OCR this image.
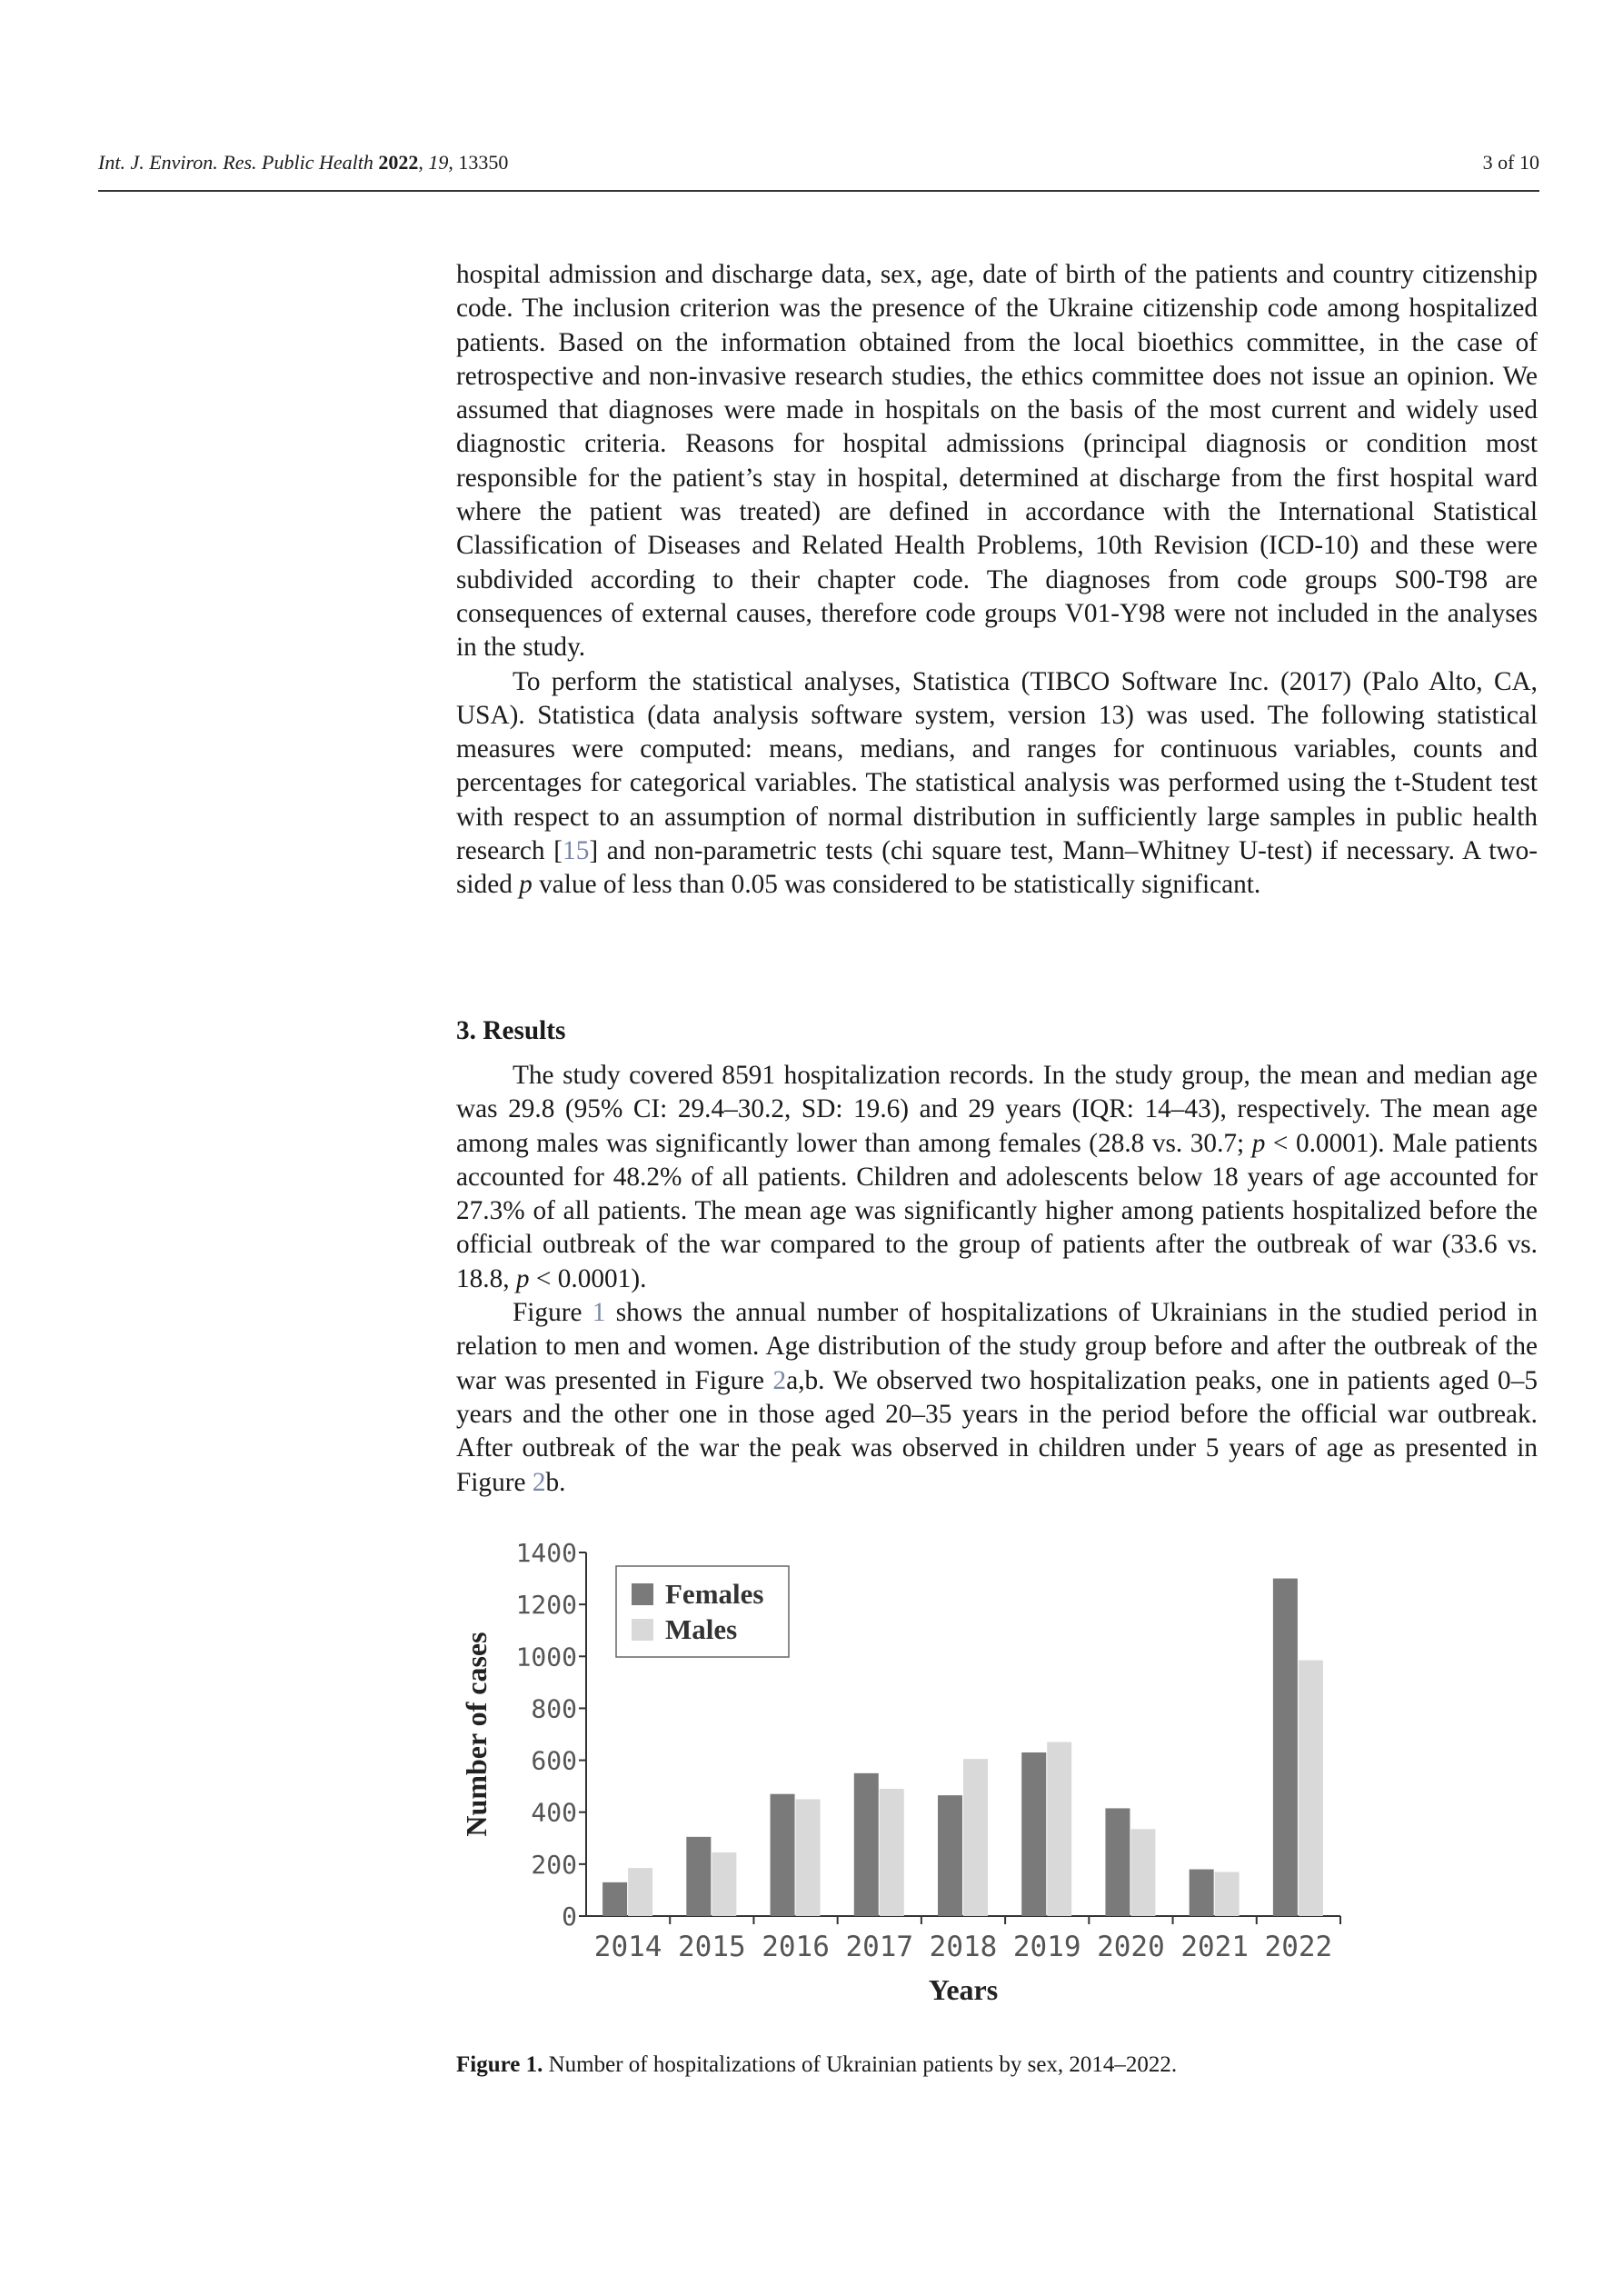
Int. J. Environ. Res. Public Health 2022, 19, 13350	3 of 10

hospital admission and discharge data, sex, age, date of birth of the patients and country citizenship code. The inclusion criterion was the presence of the Ukraine citizenship code among hospitalized patients. Based on the information obtained from the local bioethics committee, in the case of retrospective and non-invasive research studies, the ethics committee does not issue an opinion. We assumed that diagnoses were made in hospitals on the basis of the most current and widely used diagnostic criteria. Reasons for hospital admissions (principal diagnosis or condition most responsible for the patient’s stay in hospital, determined at discharge from the first hospital ward where the patient was treated) are defined in accordance with the International Statistical Classification of Diseases and Related Health Problems, 10th Revision (ICD-10) and these were subdivided according to their chapter code. The diagnoses from code groups S00-T98 are consequences of external causes, therefore code groups V01-Y98 were not included in the analyses in the study.

To perform the statistical analyses, Statistica (TIBCO Software Inc. (2017) (Palo Alto, CA, USA). Statistica (data analysis software system, version 13) was used. The following statistical measures were computed: means, medians, and ranges for continuous variables, counts and percentages for categorical variables. The statistical analysis was performed using the t-Student test with respect to an assumption of normal distribution in sufficiently large samples in public health research [15] and non-parametric tests (chi square test, Mann–Whitney U-test) if necessary. A two-sided p value of less than 0.05 was considered to be statistically significant.

3. Results

The study covered 8591 hospitalization records. In the study group, the mean and median age was 29.8 (95% CI: 29.4–30.2, SD: 19.6) and 29 years (IQR: 14–43), respectively. The mean age among males was significantly lower than among females (28.8 vs. 30.7; p < 0.0001). Male patients accounted for 48.2% of all patients. Children and adolescents below 18 years of age accounted for 27.3% of all patients. The mean age was significantly higher among patients hospitalized before the official outbreak of the war compared to the group of patients after the outbreak of war (33.6 vs. 18.8, p < 0.0001).

Figure 1 shows the annual number of hospitalizations of Ukrainians in the studied period in relation to men and women. Age distribution of the study group before and after the outbreak of the war was presented in Figure 2a,b. We observed two hospitalization peaks, one in patients aged 0–5 years and the other one in those aged 20–35 years in the period before the official war outbreak. After outbreak of the war the peak was observed in children under 5 years of age as presented in Figure 2b.

0
200
400
600
800
1000
1200
1400
2014 2015 2016 2017 2018 2019 2020 2021 2022
Years
Number of cases
Females
Males
Figure 1. Number of hospitalizations of Ukrainian patients by sex, 2014–2022.
